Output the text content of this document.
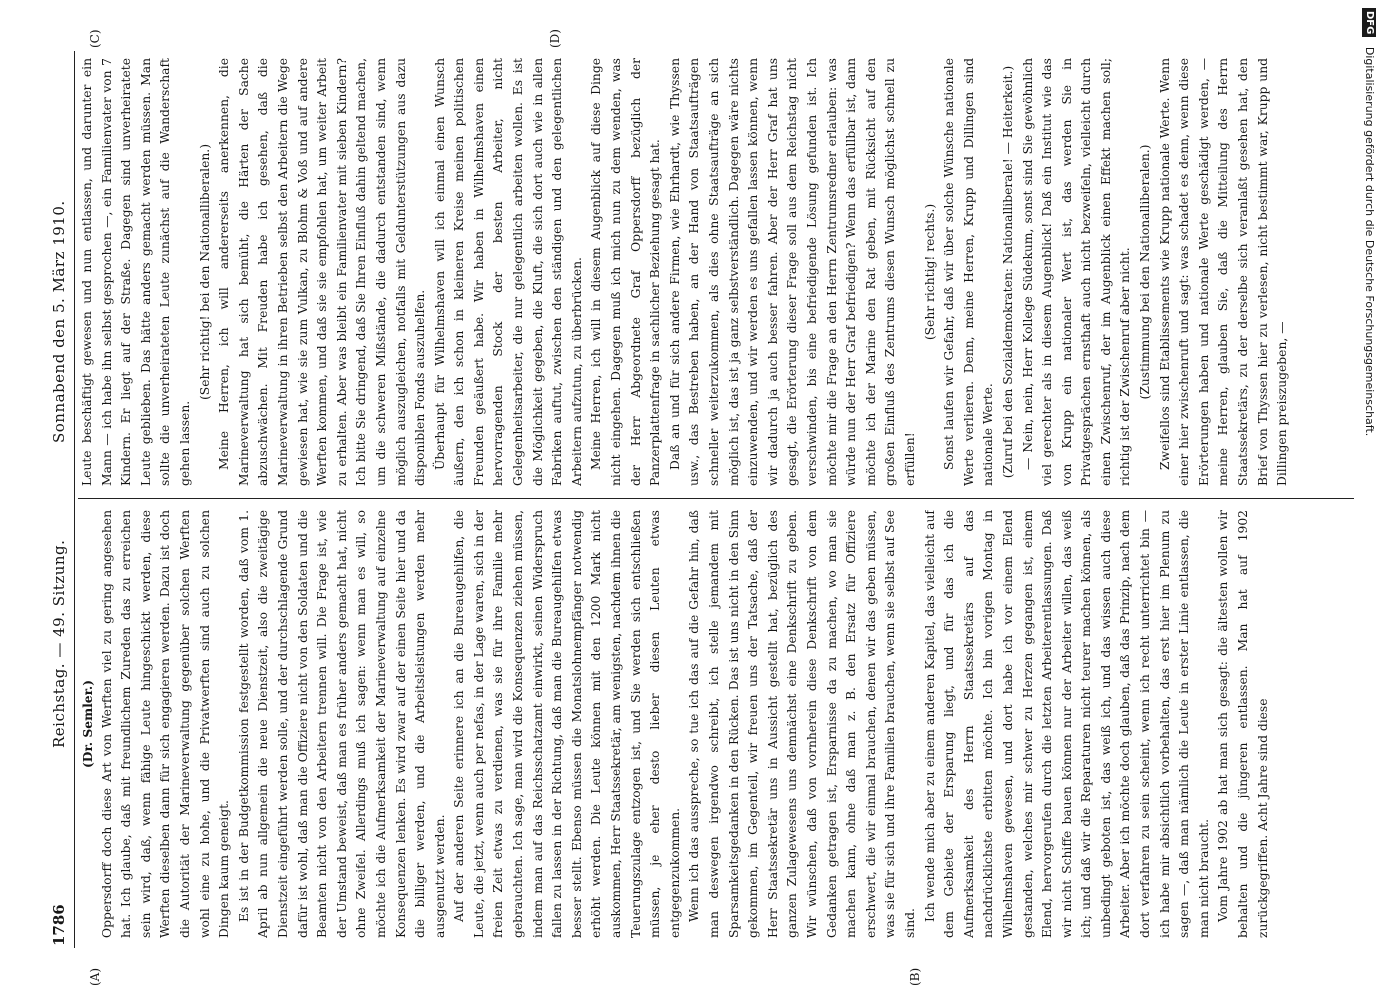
1786
Reichstag. — 49. Sitzung.
Sonnabend den 5. März 1910.
(A)	(B)
(C)	(D)

(Dr. Semler.) Oppersdorff doch diese Art von Werften viel zu gering angesehen hat. Ich glaube, daß mit freundlichem Zureden das zu erreichen sein wird, daß, wenn fähige Leute hingeschickt werden, diese Werften dieselben dann für sich engagieren werden. Dazu ist doch die Autorität der Marineverwaltung gegenüber solchen Werften wohl eine zu hohe, und die Privatwerften sind auch zu solchen Dingen kaum geneigt. Es ist in der Budgetkommission festgestellt worden, daß vom 1. April ab nun allgemein die neue Dienstzeit, also die zweitägige Dienstzeit eingeführt werden solle, und der durchschlagende Grund dafür ist wohl, daß man die Offiziere nicht von den Soldaten und die Beamten nicht von den Arbeitern trennen will. Die Frage ist, wie der Umstand beweist, daß man es früher anders gemacht hat, nicht ohne Zweifel. Allerdings muß ich sagen: wenn man es will, so möchte ich die Aufmerksamkeit der Marineverwaltung auf einzelne Konsequenzen lenken. Es wird zwar auf der einen Seite hier und da die billiger werden, und die Arbeitsleistungen werden mehr ausgenutzt werden. Auf der anderen Seite erinnere ich an die Bureaugehilfen, die Leute, die jetzt, wenn auch per nefas, in der Lage waren, sich in der freien Zeit etwas zu verdienen, was sie für ihre Familie mehr gebrauchten. Ich sage, man wird die Konsequenzen ziehen müssen, indem man auf das Reichsschatzamt einwirkt, seinen Widerspruch fallen zu lassen in der Richtung, daß man die Bureaugehilfen etwas besser stellt. Ebenso müssen die Monatslohnempfänger notwendig erhöht werden. Die Leute können mit den 1200 Mark nicht auskommen, Herr Staatssekretär, am wenigsten, nachdem ihnen die Teuerungszulage entzogen ist, und Sie werden sich entschließen müssen, je eher desto lieber diesen Leuten etwas entgegenzukommen. Wenn ich das ausspreche, so tue ich das auf die Gefahr hin, daß man deswegen irgendwo schreibt, ich stelle jemandem mit Sparsamkeitsgedanken in den Rücken. Das ist uns nicht in den Sinn gekommen, im Gegenteil, wir freuen uns der Tatsache, daß der Herr Staatssekretär uns in Aussicht gestellt hat, bezüglich des ganzen Zulagewesens uns demnächst eine Denkschrift zu geben. Wir wünschen, daß von vornherein diese Denkschrift von dem Gedanken getragen ist, Ersparnisse da zu machen, wo man sie machen kann, ohne daß man z. B. den Ersatz für Offiziere erschwert, die wir einmal brauchen, denen wir das geben müssen, was sie für sich und ihre Familien brauchen, wenn sie selbst auf See sind.

Ich wende mich aber zu einem anderen Kapitel, das vielleicht auf dem Gebiete der Ersparung liegt, und für das ich die Aufmerksamkeit des Herrn Staatssekretärs auf das nachdrücklichste erbitten möchte. Ich bin vorigen Montag in Wilhelmshaven gewesen, und dort habe ich vor einem Elend gestanden, welches mir schwer zu Herzen gegangen ist, einem Elend, hervorgerufen durch die letzten Arbeiterentlassungen. Daß wir nicht Schiffe bauen können nur der Arbeiter willen, das weiß ich; und daß wir die Reparaturen nicht teurer machen können, als unbedingt geboten ist, das weiß ich, und das wissen auch diese Arbeiter. Aber ich möchte doch glauben, daß das Prinzip, nach dem dort verfahren zu sein scheint, wenn ich recht unterrichtet bin — ich habe mir absichtlich vorbehalten, das erst hier im Plenum zu sagen —, daß man nämlich die Leute in erster Linie entlassen, die man nicht braucht. Vom Jahre 1902 ab hat man sich gesagt: die ältesten wollen wir behalten und die jüngeren entlassen. Man hat auf 1902 zurückgegriffen. Acht Jahre sind diese

Leute beschäftigt gewesen und nun entlassen, und darunter ein Mann — ich habe ihn selbst gesprochen —, ein Familienvater von 7 Kindern. Er liegt auf der Straße. Dagegen sind unverheiratete Leute geblieben. Das hätte anders gemacht werden müssen. Man sollte die unverheirateten Leute zunächst auf die Wanderschaft gehen lassen.

(Sehr richtig! bei den Nationalliberalen.) Meine Herren, ich will andererseits anerkennen, die Marineverwaltung hat sich bemüht, die Härten der Sache abzuschwächen. Mit Freuden habe ich gesehen, daß die Marineverwaltung in ihren Betrieben selbst den Arbeitern die Wege gewiesen hat, wie sie zum Vulkan, zu Blohm & Voß und auf andere Werften kommen, und daß sie sie empfohlen hat, um weiter Arbeit zu erhalten. Aber was bleibt ein Familienvater mit sieben Kindern? Ich bitte Sie dringend, daß Sie Ihren Einfluß dahin geltend machen, um die schweren Mißstände, die dadurch entstanden sind, wenn möglich auszugleichen, notfalls mit Geldunterstützungen aus dazu disponiblen Fonds auszuhelfen. Überhaupt für Wilhelmshaven will ich einmal einen Wunsch äußern, den ich schon in kleineren Kreise meinen politischen Freunden geäußert habe. Wir haben in Wilhelmshaven einen hervorragenden Stock der besten Arbeiter, nicht Gelegenheitsarbeiter, die nur gelegentlich arbeiten wollen. Es ist die Möglichkeit gegeben, die Kluft, die sich dort auch wie in allen Fabriken auftut, zwischen den ständigen und den gelegentlichen Arbeitern aufzutun, zu überbrücken. Meine Herren, ich will in diesem Augenblick auf diese Dinge nicht eingehen. Dagegen muß ich mich nun zu dem wenden, was der Herr Abgeordnete Graf Oppersdorff bezüglich der Panzerplattenfrage in sachlicher Beziehung gesagt hat. Daß an und für sich andere Firmen, wie Ehrhardt, wie Thyssen usw., das Bestreben haben, an der Hand von Staatsaufträgen schneller weiterzukommen, als dies ohne Staatsaufträge an sich möglich ist, das ist ja ganz selbstverständlich. Dagegen wäre nichts einzuwenden, und wir werden es uns gefallen lassen können, wenn wir dadurch ja auch besser fahren. Aber der Herr Graf hat uns gesagt, die Erörterung dieser Frage soll aus dem Reichstag nicht verschwinden, bis eine befriedigende Lösung gefunden ist. Ich möchte mir die Frage an den Herrn Zentrumsredner erlauben: was würde nun der Herr Graf befriedigen? Wenn das erfüllbar ist, dann möchte ich der Marine den Rat geben, mit Rücksicht auf den großen Einfluß des Zentrums diesen Wunsch möglichst schnell zu erfüllen!

(Sehr richtig! rechts.) Sonst laufen wir Gefahr, daß wir über solche Wünsche nationale Werte verlieren. Denn, meine Herren, Krupp und Dillingen sind nationale Werte. (Zuruf bei den Sozialdemokraten: Nationalliberale! — Heiterkeit.) — Nein, nein, Herr Kollege Südekum, sonst sind Sie gewöhnlich viel gerechter als in diesem Augenblick! Daß ein Institut wie das von Krupp ein nationaler Wert ist, das werden Sie in Privatgesprächen ernsthaft auch nicht bezweifeln, vielleicht durch einen Zwischenruf, der im Augenblick einen Effekt machen soll; richtig ist der Zwischenruf aber nicht. (Zustimmung bei den Nationalliberalen.) Zweifellos sind Etablissements wie Krupp nationale Werte. Wenn einer hier zwischenruft und sagt: was schadet es denn, wenn diese Erörterungen haben und nationale Werte geschädigt werden, — meine Herren, glauben Sie, daß die Mitteilung des Herrn Staatssekretärs, zu der derselbe sich veranlaßt gesehen hat, den Brief von Thyssen hier zu verlesen, nicht bestimmt war, Krupp und Dillingen preiszugeben, —

DFG Digitalisierung gefördert durch die Deutsche Forschungsgemeinschaft.
